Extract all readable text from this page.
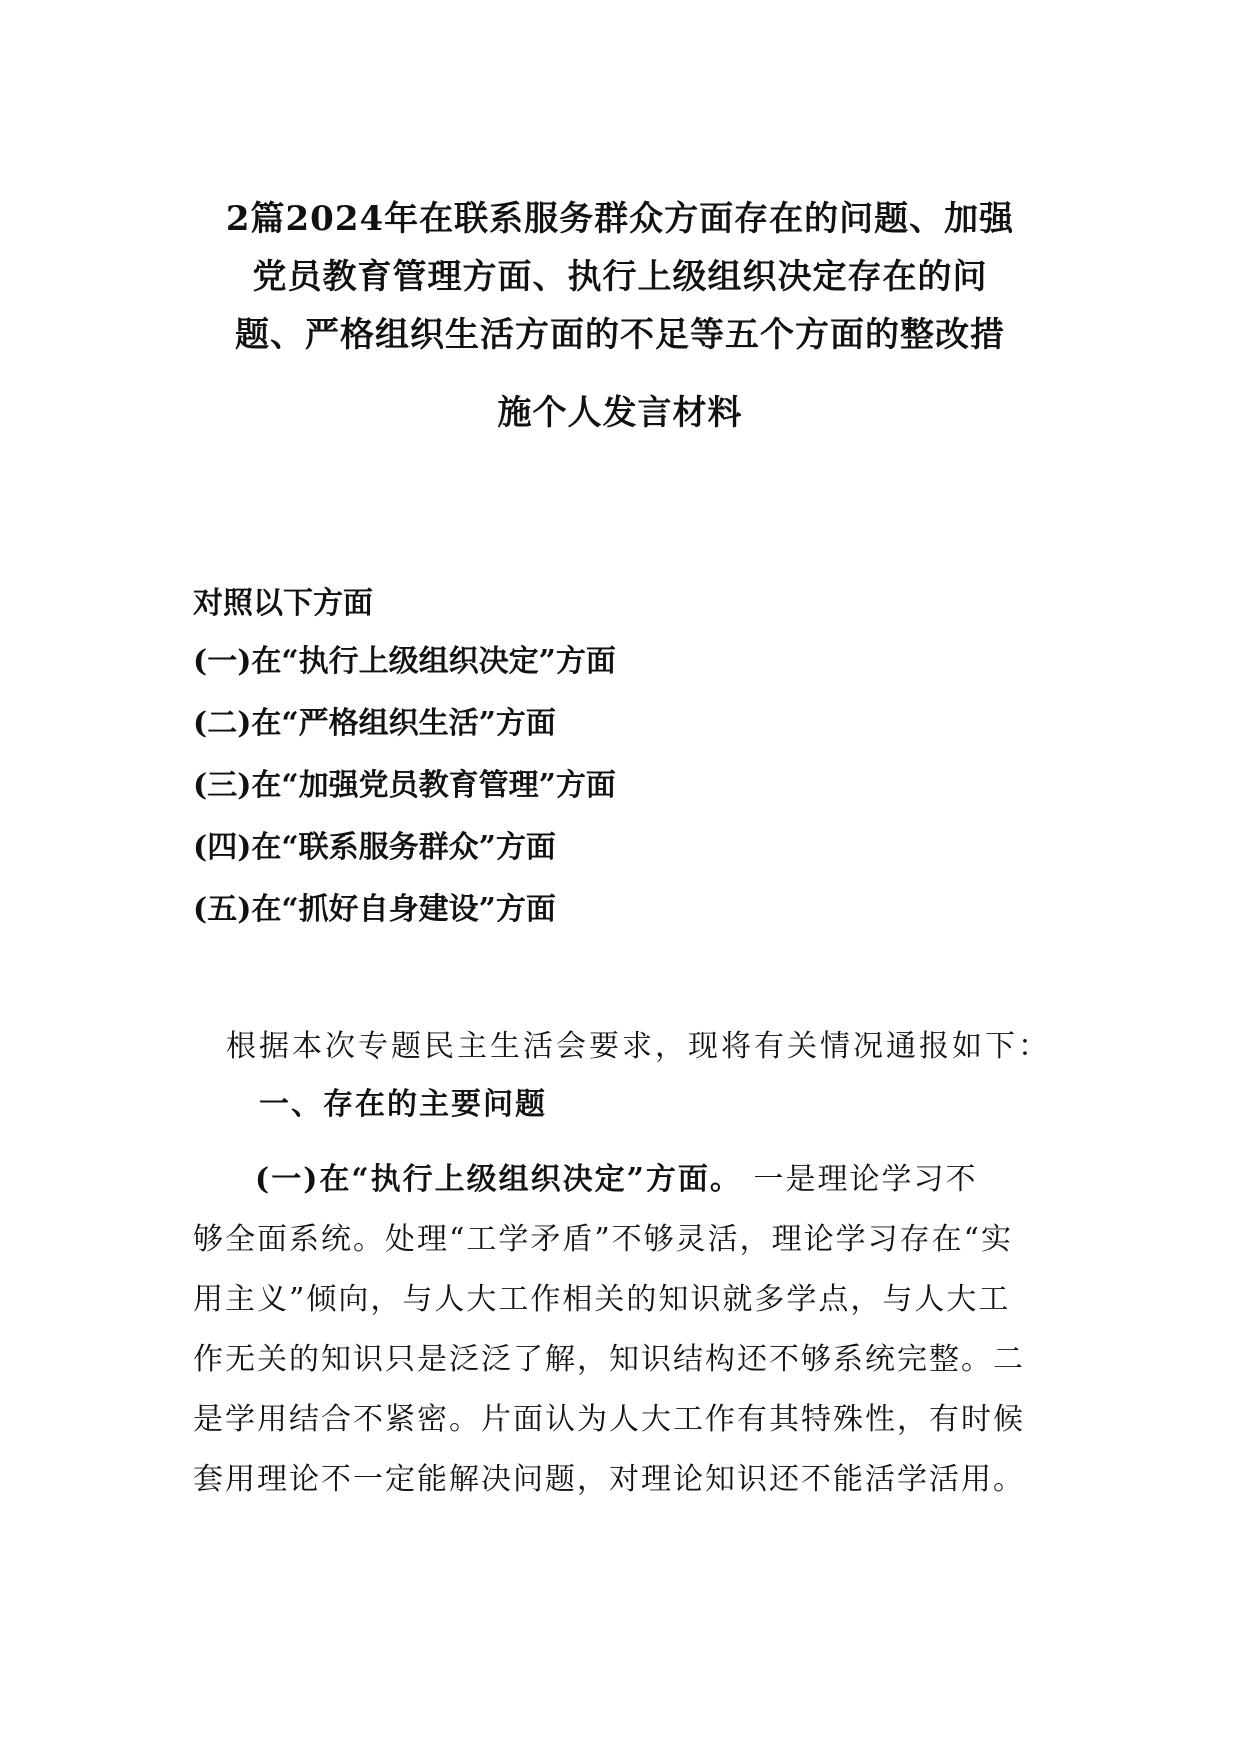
2篇2024年在联系服务群众方面存在的问题、加强
党员教育管理方面、执行上级组织决定存在的问
题、严格组织生活方面的不足等五个方面的整改措
施个人发言材料

对照以下方面

(一)在“执行上级组织决定”方面
(二)在“严格组织生活”方面
(三)在“加强党员教育管理”方面
(四)在“联系服务群众”方面
(五)在“抓好自身建设”方面

根据本次专题民主生活会要求，现将有关情况通报如下：

一、存在的主要问题
(一)在“执行上级组织决定”方面。 一是理论学习不
够全面系统。处理“工学矛盾”不够灵活，理论学习存在“实
用主义”倾向，与人大工作相关的知识就多学点，与人大工
作无关的知识只是泛泛了解，知识结构还不够系统完整。二
是学用结合不紧密。片面认为人大工作有其特殊性，有时候
套用理论不一定能解决问题，对理论知识还不能活学活用。
